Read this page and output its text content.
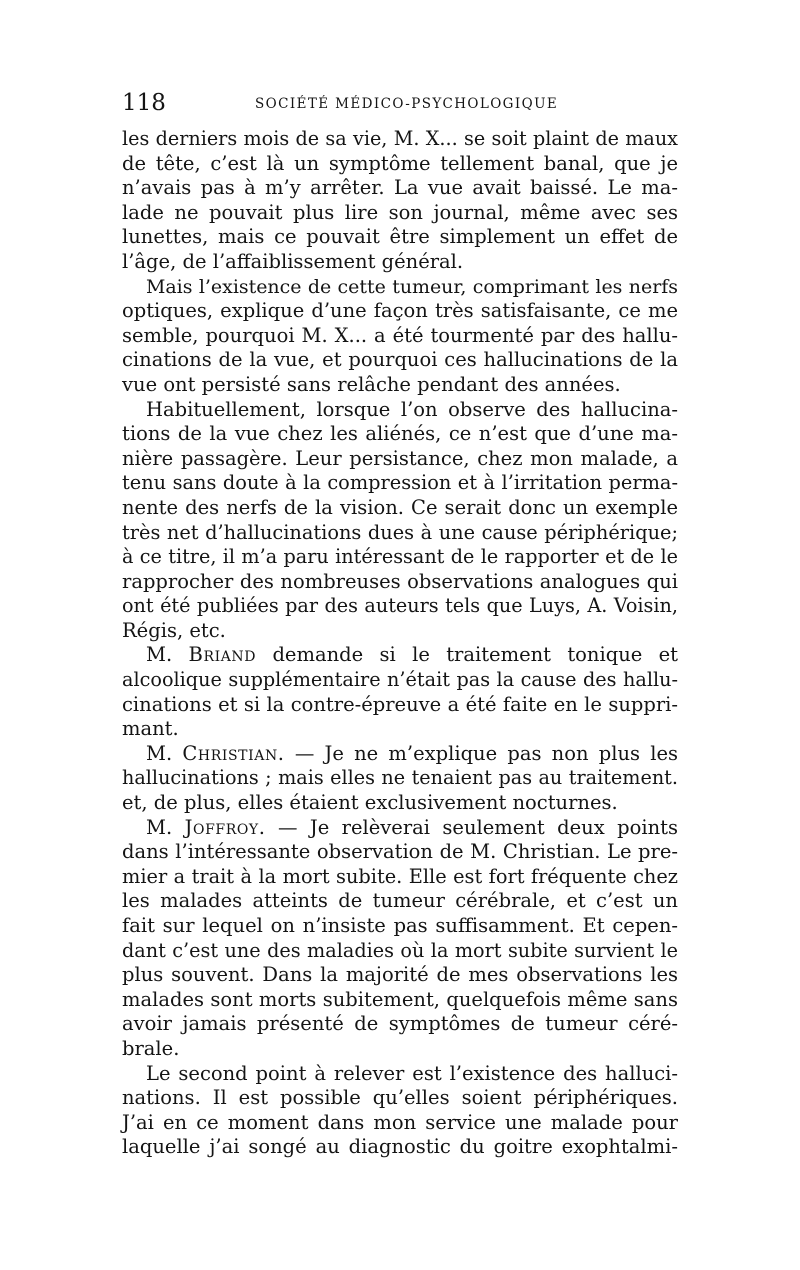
118	SOCIÉTÉ MÉDICO-PSYCHOLOGIQUE
les derniers mois de sa vie, M. X... se soit plaint de maux
de tête, c’est là un symptôme tellement banal, que je
n’avais pas à m’y arrêter. La vue avait baissé. Le ma-
lade ne pouvait plus lire son journal, même avec ses
lunettes, mais ce pouvait être simplement un effet de
l’âge, de l’affaiblissement général.
Mais l’existence de cette tumeur, comprimant les nerfs
optiques, explique d’une façon très satisfaisante, ce me
semble, pourquoi M. X... a été tourmenté par des hallu-
cinations de la vue, et pourquoi ces hallucinations de la
vue ont persisté sans relâche pendant des années.
Habituellement, lorsque l’on observe des hallucina-
tions de la vue chez les aliénés, ce n’est que d’une ma-
nière passagère. Leur persistance, chez mon malade, a
tenu sans doute à la compression et à l’irritation perma-
nente des nerfs de la vision. Ce serait donc un exemple
très net d’hallucinations dues à une cause périphérique;
à ce titre, il m’a paru intéressant de le rapporter et de le
rapprocher des nombreuses observations analogues qui
ont été publiées par des auteurs tels que Luys, A. Voisin,
Régis, etc.
M. Briand demande si le traitement tonique et
alcoolique supplémentaire n’était pas la cause des hallu-
cinations et si la contre-épreuve a été faite en le suppri-
mant.
M. Christian. — Je ne m’explique pas non plus les
hallucinations ; mais elles ne tenaient pas au traitement.
et, de plus, elles étaient exclusivement nocturnes.
M. Joffroy. — Je relèverai seulement deux points
dans l’intéressante observation de M. Christian. Le pre-
mier a trait à la mort subite. Elle est fort fréquente chez
les malades atteints de tumeur cérébrale, et c’est un
fait sur lequel on n’insiste pas suffisamment. Et cepen-
dant c’est une des maladies où la mort subite survient le
plus souvent. Dans la majorité de mes observations les
malades sont morts subitement, quelquefois même sans
avoir jamais présenté de symptômes de tumeur céré-
brale.
Le second point à relever est l’existence des halluci-
nations. Il est possible qu’elles soient périphériques.
J’ai en ce moment dans mon service une malade pour
laquelle j’ai songé au diagnostic du goitre exophtalmi-
